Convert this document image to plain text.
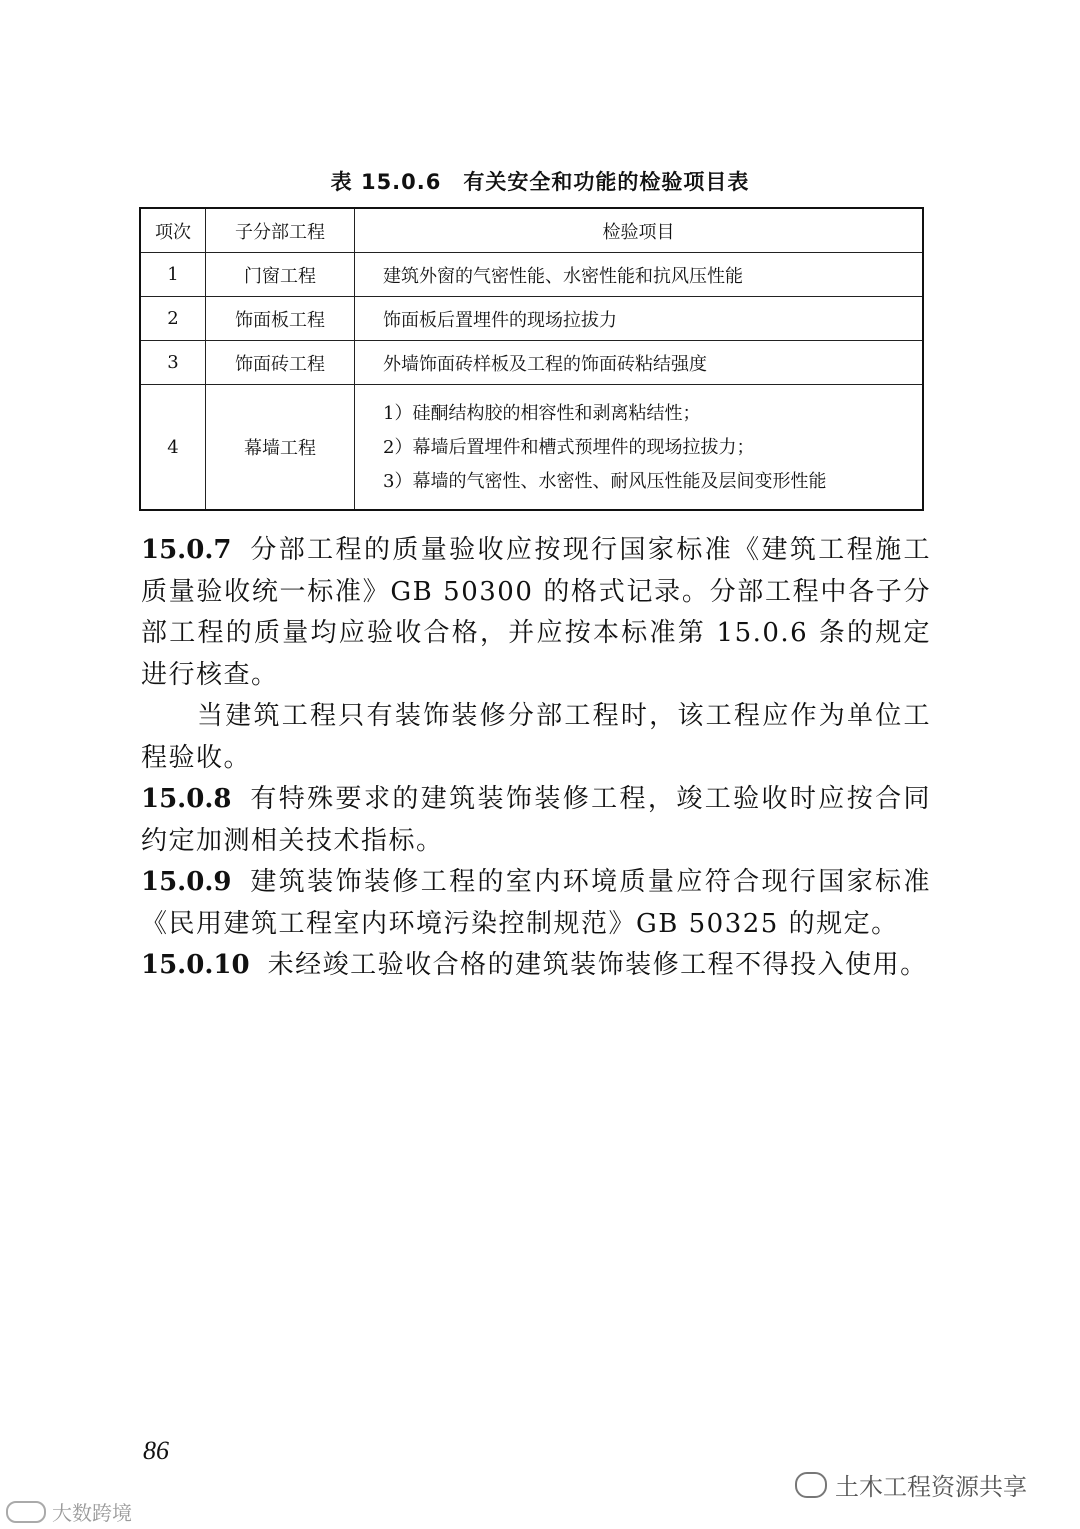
表 15.0.6　有关安全和功能的检验项目表
项次	子分部工程	检验项目
1	门窗工程	建筑外窗的气密性能、水密性能和抗风压性能
2	饰面板工程	饰面板后置埋件的现场拉拔力
3	饰面砖工程	外墙饰面砖样板及工程的饰面砖粘结强度
4	幕墙工程	1）硅酮结构胶的相容性和剥离粘结性；
2）幕墙后置埋件和槽式预埋件的现场拉拔力；
3）幕墙的气密性、水密性、耐风压性能及层间变形性能

15.0.7 分部工程的质量验收应按现行国家标准《建筑工程施工质量验收统一标准》GB 50300 的格式记录。分部工程中各子分部工程的质量均应验收合格，并应按本标准第 15.0.6 条的规定进行核查。

当建筑工程只有装饰装修分部工程时，该工程应作为单位工程验收。

15.0.8 有特殊要求的建筑装饰装修工程，竣工验收时应按合同约定加测相关技术指标。

15.0.9 建筑装饰装修工程的室内环境质量应符合现行国家标准《民用建筑工程室内环境污染控制规范》GB 50325 的规定。

15.0.10 未经竣工验收合格的建筑装饰装修工程不得投入使用。

86
土木工程资源共享
大数跨境
